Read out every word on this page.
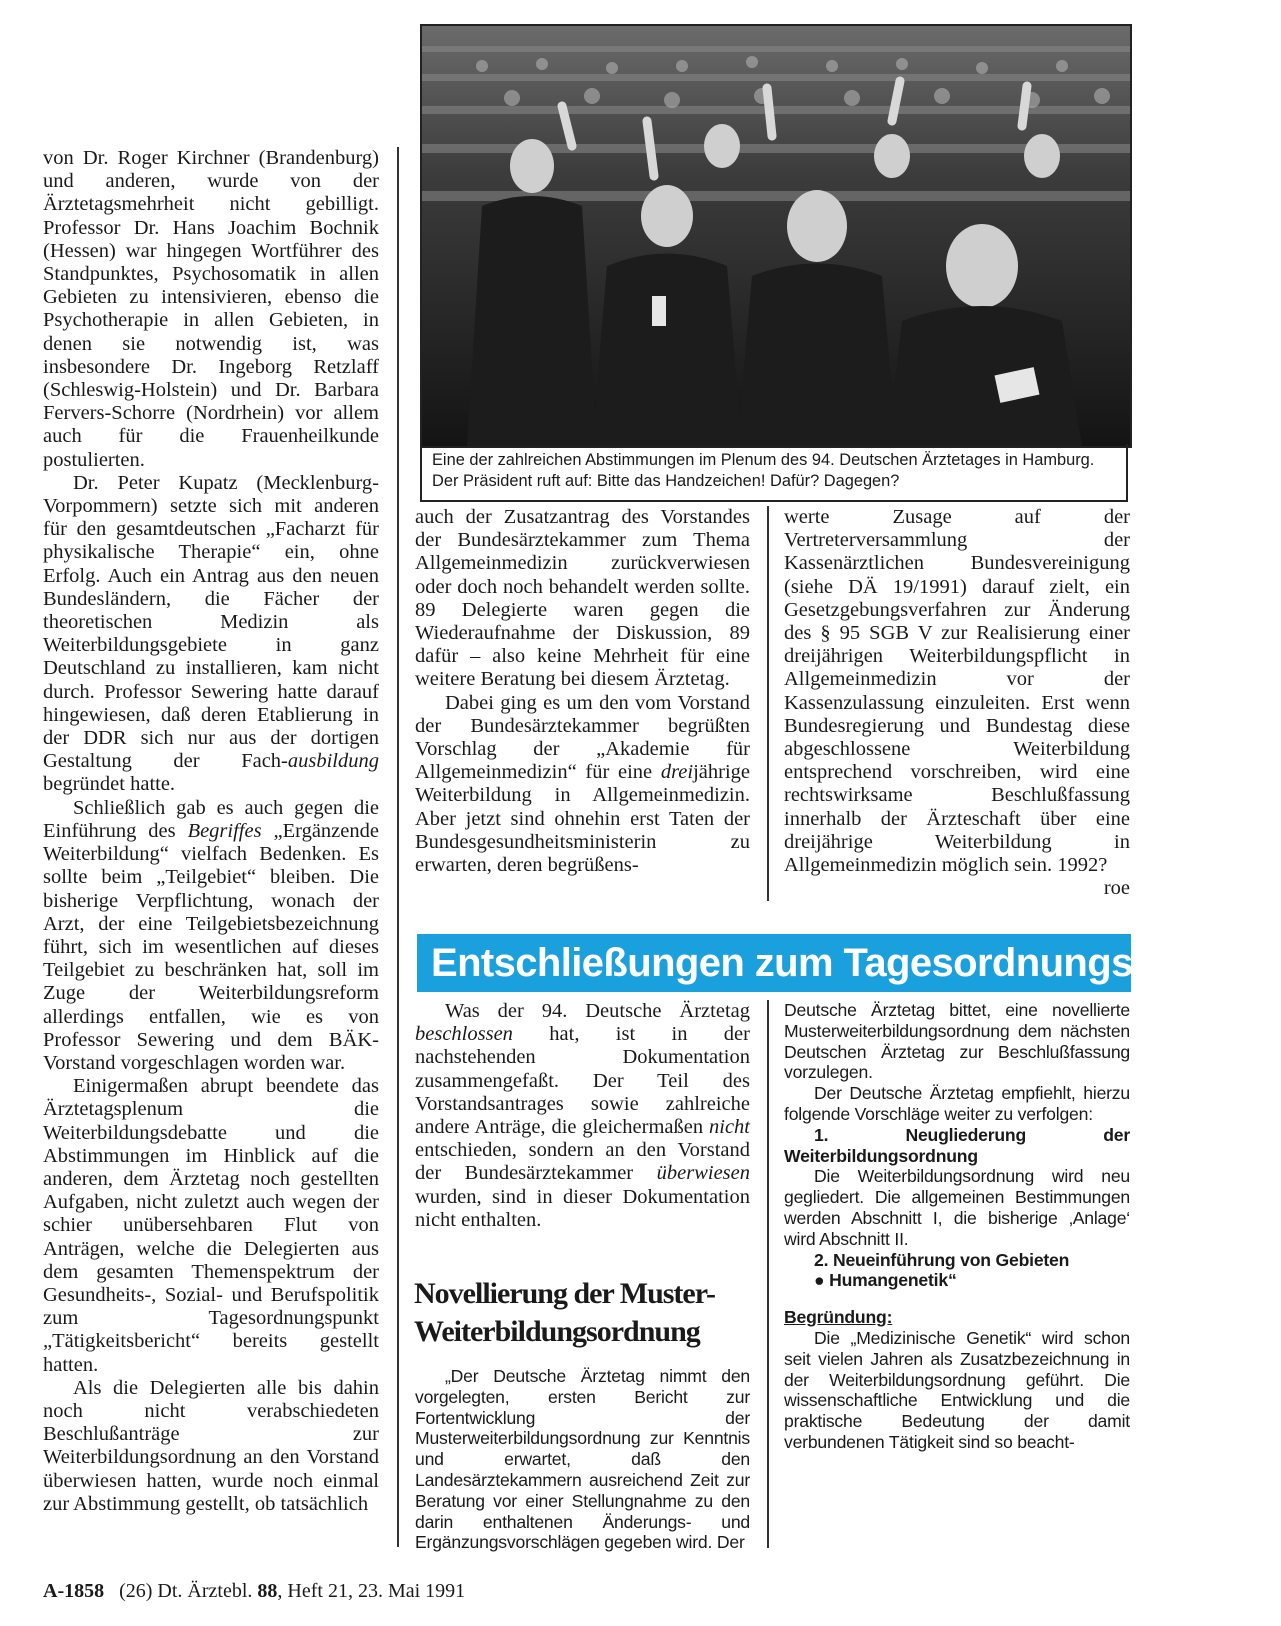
von Dr. Roger Kirchner (Brandenburg) und anderen, wurde von der Ärztetagsmehrheit nicht gebilligt. Professor Dr. Hans Joachim Bochnik (Hessen) war hingegen Wortführer des Standpunktes, Psychosomatik in allen Gebieten zu intensivieren, ebenso die Psychotherapie in allen Gebieten, in denen sie notwendig ist, was insbesondere Dr. Ingeborg Retzlaff (Schleswig-Holstein) und Dr. Barbara Fervers-Schorre (Nordrhein) vor allem auch für die Frauenheilkunde postulierten.

Dr. Peter Kupatz (Mecklenburg-Vorpommern) setzte sich mit anderen für den gesamtdeutschen „Facharzt für physikalische Therapie“ ein, ohne Erfolg. Auch ein Antrag aus den neuen Bundesländern, die Fächer der theoretischen Medizin als Weiterbildungsgebiete in ganz Deutschland zu installieren, kam nicht durch. Professor Sewering hatte darauf hingewiesen, daß deren Etablierung in der DDR sich nur aus der dortigen Gestaltung der Fach-ausbildung begründet hatte.

Schließlich gab es auch gegen die Einführung des Begriffes „Ergänzende Weiterbildung“ vielfach Bedenken. Es sollte beim „Teilgebiet“ bleiben. Die bisherige Verpflichtung, wonach der Arzt, der eine Teilgebietsbezeichnung führt, sich im wesentlichen auf dieses Teilgebiet zu beschränken hat, soll im Zuge der Weiterbildungsreform allerdings entfallen, wie es von Professor Sewering und dem BÄK-Vorstand vorgeschlagen worden war.

Einigermaßen abrupt beendete das Ärztetagsplenum die Weiterbildungsdebatte und die Abstimmungen im Hinblick auf die anderen, dem Ärztetag noch gestellten Aufgaben, nicht zuletzt auch wegen der schier unübersehbaren Flut von Anträgen, welche die Delegierten aus dem gesamten Themenspektrum der Gesundheits-, Sozial- und Berufspolitik zum Tagesordnungspunkt „Tätigkeitsbericht“ bereits gestellt hatten.

Als die Delegierten alle bis dahin noch nicht verabschiedeten Beschlußanträge zur Weiterbildungsordnung an den Vorstand überwiesen hatten, wurde noch einmal zur Abstimmung gestellt, ob tatsächlich

Eine der zahlreichen Abstimmungen im Plenum des 94. Deutschen Ärztetages in Hamburg. Der Präsident ruft auf: Bitte das Handzeichen! Dafür? Dagegen?

auch der Zusatzantrag des Vorstandes der Bundesärztekammer zum Thema Allgemeinmedizin zurückverwiesen oder doch noch behandelt werden sollte. 89 Delegierte waren gegen die Wiederaufnahme der Diskussion, 89 dafür – also keine Mehrheit für eine weitere Beratung bei diesem Ärztetag.

Dabei ging es um den vom Vorstand der Bundesärztekammer begrüßten Vorschlag der „Akademie für Allgemeinmedizin“ für eine dreijährige Weiterbildung in Allgemeinmedizin. Aber jetzt sind ohnehin erst Taten der Bundesgesundheitsministerin zu erwarten, deren begrüßens-

werte Zusage auf der Vertreterversammlung der Kassenärztlichen Bundesvereinigung (siehe DÄ 19/1991) darauf zielt, ein Gesetzgebungsverfahren zur Änderung des § 95 SGB V zur Realisierung einer dreijährigen Weiterbildungspflicht in Allgemeinmedizin vor der Kassenzulassung einzuleiten. Erst wenn Bundesregierung und Bundestag diese abgeschlossene Weiterbildung entsprechend vorschreiben, wird eine rechtswirksame Beschlußfassung innerhalb der Ärzteschaft über eine dreijährige Weiterbildung in Allgemeinmedizin möglich sein. 1992?
roe

Entschließungen zum Tagesordnungspunkt III

Was der 94. Deutsche Ärztetag beschlossen hat, ist in der nachstehenden Dokumentation zusammengefaßt. Der Teil des Vorstandsantrages sowie zahlreiche andere Anträge, die gleichermaßen nicht entschieden, sondern an den Vorstand der Bundesärztekammer überwiesen wurden, sind in dieser Dokumentation nicht enthalten.

Novellierung der Muster-Weiterbildungsordnung

„Der Deutsche Ärztetag nimmt den vorgelegten, ersten Bericht zur Fortentwicklung der Musterweiterbildungsordnung zur Kenntnis und erwartet, daß den Landesärztekammern ausreichend Zeit zur Beratung vor einer Stellungnahme zu den darin enthaltenen Änderungs- und Ergänzungsvorschlägen gegeben wird. Der

Deutsche Ärztetag bittet, eine novellierte Musterweiterbildungsordnung dem nächsten Deutschen Ärztetag zur Beschlußfassung vorzulegen.

Der Deutsche Ärztetag empfiehlt, hierzu folgende Vorschläge weiter zu verfolgen:

1. Neugliederung der Weiterbildungsordnung

Die Weiterbildungsordnung wird neu gegliedert. Die allgemeinen Bestimmungen werden Abschnitt I, die bisherige ‚Anlage‘ wird Abschnitt II.

2. Neueinführung von Gebieten

● Humangenetik“

Begründung:

Die „Medizinische Genetik“ wird schon seit vielen Jahren als Zusatzbezeichnung in der Weiterbildungsordnung geführt. Die wissenschaftliche Entwicklung und die praktische Bedeutung der damit verbundenen Tätigkeit sind so beacht-

A-1858 (26) Dt. Ärztebl. 88, Heft 21, 23. Mai 1991
